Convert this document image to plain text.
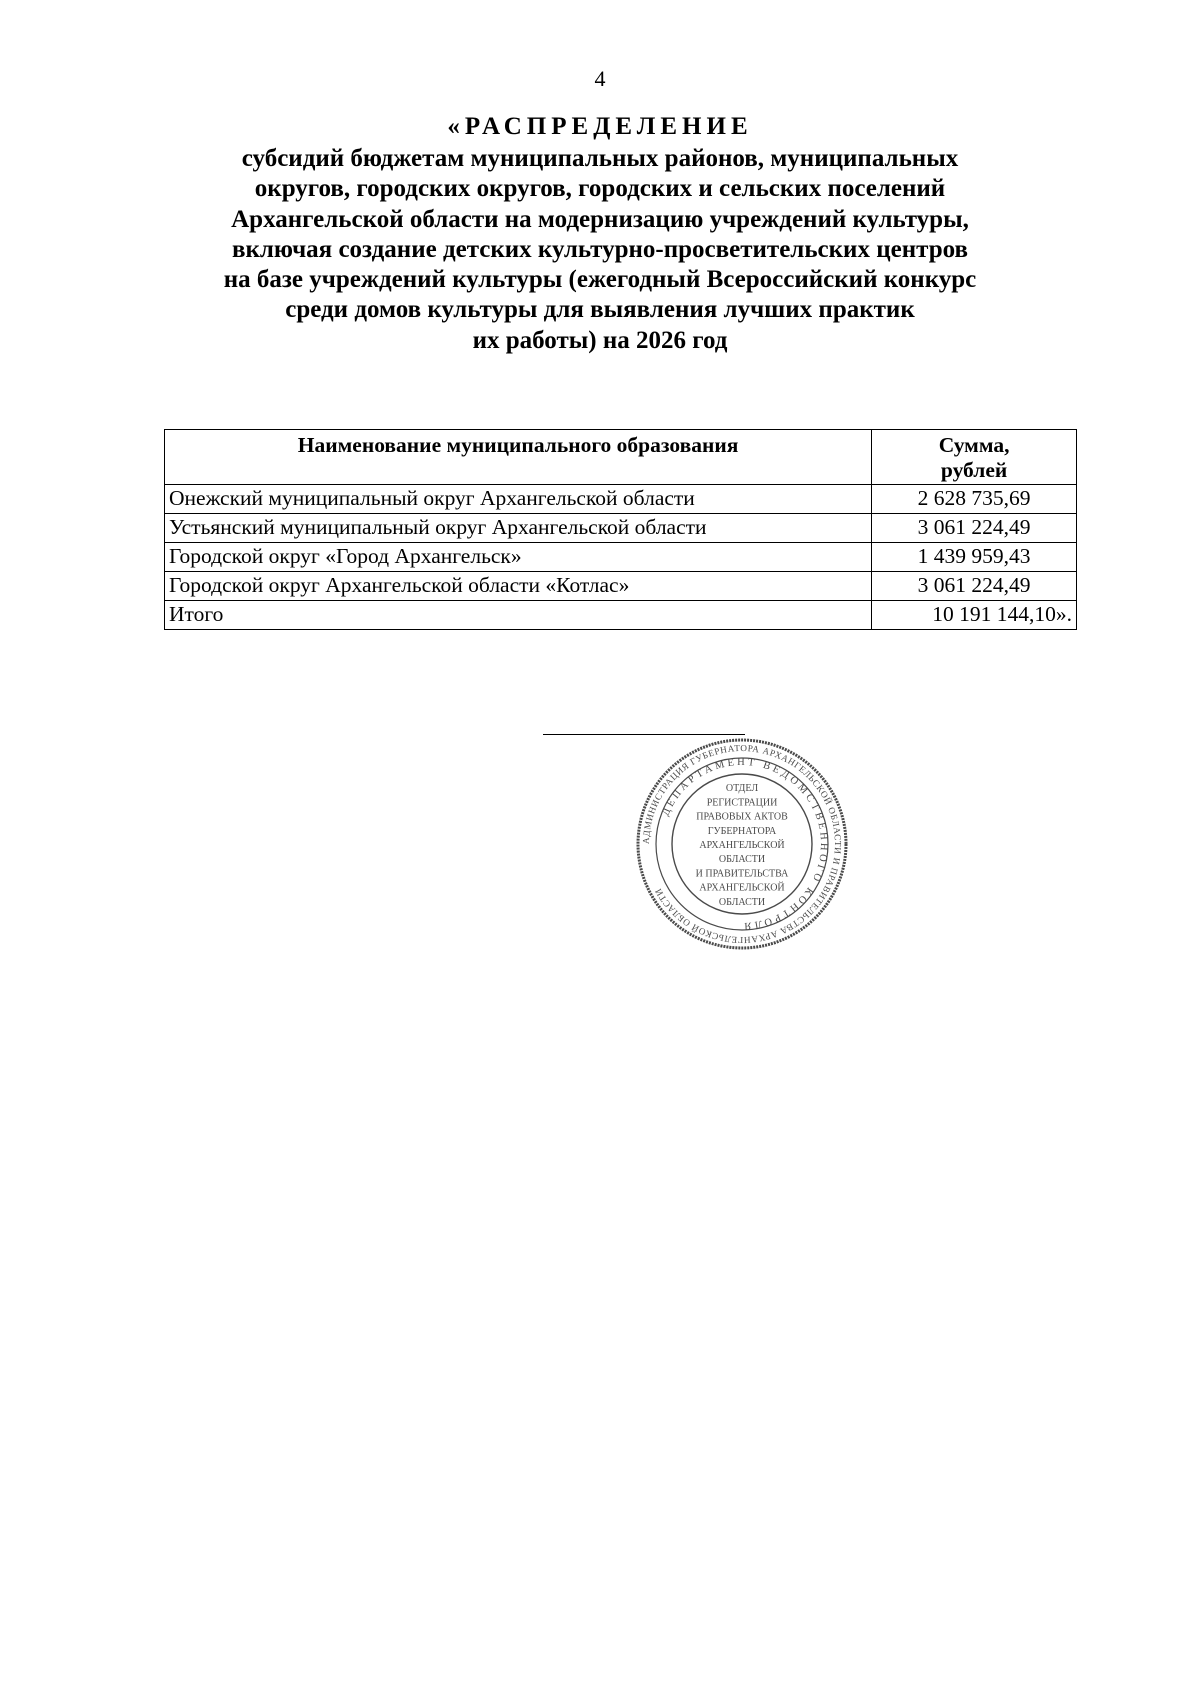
4
«РАСПРЕДЕЛЕНИЕ
субсидий бюджетам муниципальных районов, муниципальных
округов, городских округов, городских и сельских поселений
Архангельской области на модернизацию учреждений культуры,
включая создание детских культурно-просветительских центров
на базе учреждений культуры (ежегодный Всероссийский конкурс
среди домов культуры для выявления лучших практик
их работы) на 2026 год
Наименование муниципального образования	Сумма,
рублей
Онежский муниципальный округ Архангельской области	2 628 735,69
Устьянский муниципальный округ Архангельской области	3 061 224,49
Городской округ «Город Архангельск»	1 439 959,43
Городской округ Архангельской области «Котлас»	3 061 224,49
Итого	10 191 144,10».
АДМИНИСТРАЦИЯ ГУБЕРНАТОРА АРХАНГЕЛЬСКОЙ ОБЛАСТИ И ПРАВИТЕЛЬСТВА АРХАНГЕЛЬСКОЙ ОБЛАСТИ
ДЕПАРТАМЕНТ ВЕДОМСТВЕННОГО КОНТРОЛЯ
ОТДЕЛ
РЕГИСТРАЦИИ
ПРАВОВЫХ АКТОВ
ГУБЕРНАТОРА
АРХАНГЕЛЬСКОЙ
ОБЛАСТИ
И ПРАВИТЕЛЬСТВА
АРХАНГЕЛЬСКОЙ
ОБЛАСТИ
